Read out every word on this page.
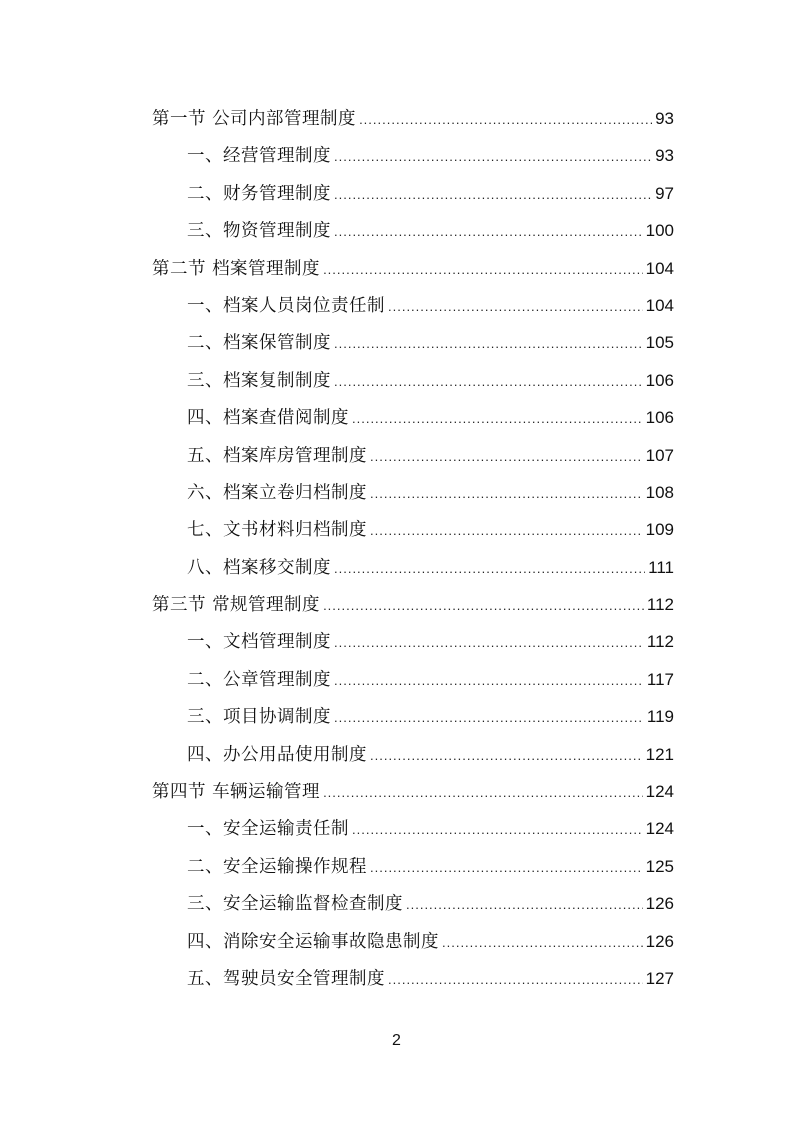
第一节 公司内部管理制度 .....	93
一、经营管理制度 .....	93
二、财务管理制度 .....	97
三、物资管理制度 .....	100
第二节 档案管理制度 .....	104
一、档案人员岗位责任制 .....	104
二、档案保管制度 .....	105
三、档案复制制度 .....	106
四、档案查借阅制度 .....	106
五、档案库房管理制度 .....	107
六、档案立卷归档制度 .....	108
七、文书材料归档制度 .....	109
八、档案移交制度 .....	111
第三节 常规管理制度 .....	112
一、文档管理制度 .....	112
二、公章管理制度 .....	117
三、项目协调制度 .....	119
四、办公用品使用制度 .....	121
第四节 车辆运输管理 .....	124
一、安全运输责任制 .....	124
二、安全运输操作规程 .....	125
三、安全运输监督检查制度 .....	126
四、消除安全运输事故隐患制度 .....	126
五、驾驶员安全管理制度 .....	127
2
